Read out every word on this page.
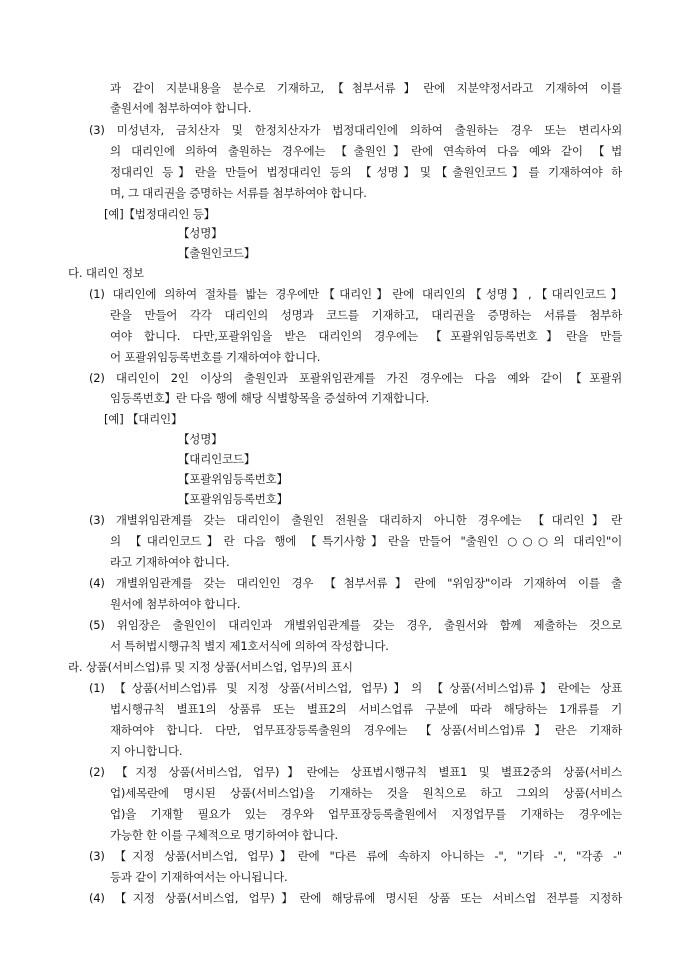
과 같이 지분내용을 분수로 기재하고,【첨부서류】란에 지분약정서라고 기재하여 이를
출원서에 첨부하여야 합니다.
(3) 미성년자, 금치산자 및 한정치산자가 법정대리인에 의하여 출원하는 경우 또는 변리사외
의 대리인에 의하여 출원하는 경우에는 【출원인】란에 연속하여 다음 예와 같이 【법
정대리인 등】란을 만들어 법정대리인 등의 【성명】및【출원인코드】를 기재하여야 하
며, 그 대리권을 증명하는 서류를 첨부하여야 합니다.
[예]【법정대리인 등】
【성명】
【출원인코드】
다. 대리인 정보
(1) 대리인에 의하여 절차를 밟는 경우에만【대리인】란에 대리인의【성명】,【대리인코드】
란을 만들어 각각 대리인의 성명과 코드를 기재하고, 대리권을 증명하는 서류를 첨부하
여야 합니다. 다만,포괄위임을 받은 대리인의 경우에는 【포괄위임등록번호】란을 만들
어 포괄위임등록번호를 기재하여야 합니다.
(2) 대리인이 2인 이상의 출원인과 포괄위임관계를 가진 경우에는 다음 예와 같이【포괄위
임등록번호】란 다음 행에 해당 식별항목을 증설하여 기재합니다.
[예] 【대리인】
【성명】
【대리인코드】
【포괄위임등록번호】
【포괄위임등록번호】
(3) 개별위임관계를 갖는 대리인이 출원인 전원을 대리하지 아니한 경우에는 【대리인】란
의 【대리인코드】란 다음 행에 【특기사항】란을 만들어 "출원인 ○○○의 대리인"이
라고 기재하여야 합니다.
(4) 개별위임관계를 갖는 대리인인 경우 【첨부서류】란에 "위임장"이라 기재하여 이를 출
원서에 첨부하여야 합니다.
(5) 위임장은 출원인이 대리인과 개별위임관계를 갖는 경우, 출원서와 함께 제출하는 것으로
서 특허법시행규칙 별지 제1호서식에 의하여 작성합니다.
라. 상품(서비스업)류 및 지정 상품(서비스업, 업무)의 표시
(1) 【상품(서비스업)류 및 지정 상품(서비스업, 업무)】의 【상품(서비스업)류】란에는 상표
법시행규칙 별표1의 상품류 또는 별표2의 서비스업류 구분에 따라 해당하는 1개류를 기
재하여야 합니다. 다만, 업무표장등록출원의 경우에는 【상품(서비스업)류】란은 기재하
지 아니합니다.
(2) 【지정 상품(서비스업, 업무)】란에는 상표법시행규칙 별표1 및 별표2중의 상품(서비스
업)세목란에 명시된 상품(서비스업)을 기재하는 것을 원칙으로 하고 그외의 상품(서비스
업)을 기재할 필요가 있는 경우와 업무표장등록출원에서 지정업무를 기재하는 경우에는
가능한 한 이를 구체적으로 명기하여야 합니다.
(3) 【지정 상품(서비스업, 업무)】란에 "다른 류에 속하지 아니하는 -", "기타 -", "각종 -"
등과 같이 기재하여서는 아니됩니다.
(4) 【지정 상품(서비스업, 업무)】란에 해당류에 명시된 상품 또는 서비스업 전부를 지정하
